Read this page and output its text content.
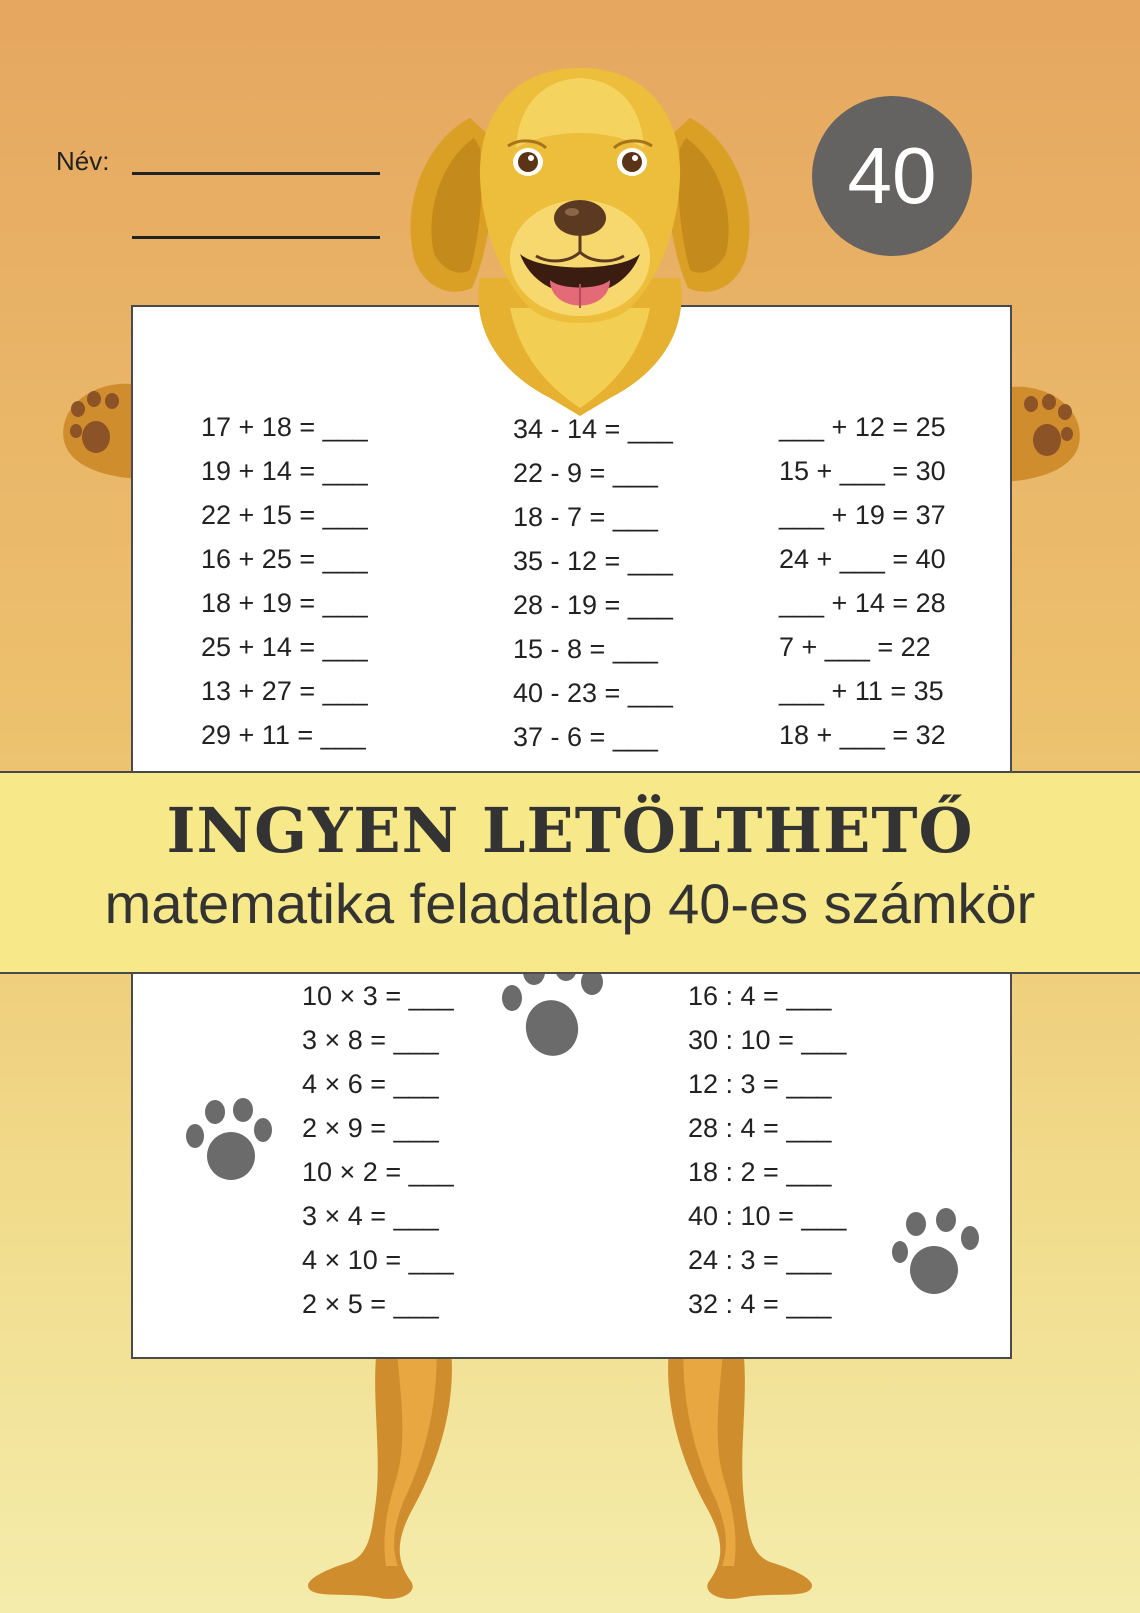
Név:	40
17 + 18 = ___
19 + 14 = ___
22 + 15 = ___
16 + 25 = ___
18 + 19 = ___
25 + 14 = ___
13 + 27 = ___
29 + 11 = ___
34 - 14 = ___
22 - 9 = ___
18 - 7 = ___
35 - 12 = ___
28 - 19 = ___
15 - 8 = ___
40 - 23 = ___
37 - 6 = ___
___ + 12 = 25
15 + ___ = 30
___ + 19 = 37
24 + ___ = 40
___ + 14 = 28
7 + ___ = 22
___ + 11 = 35
18 + ___ = 32
10 × 3 = ___
3 × 8 = ___
4 × 6 = ___
2 × 9 = ___
10 × 2 = ___
3 × 4 = ___
4 × 10 = ___
2 × 5 = ___
16 : 4 = ___
30 : 10 = ___
12 : 3 = ___
28 : 4 = ___
18 : 2 = ___
40 : 10 = ___
24 : 3 = ___
32 : 4 = ___
INGYEN LETÖLTHETŐ
matematika feladatlap 40-es számkör
